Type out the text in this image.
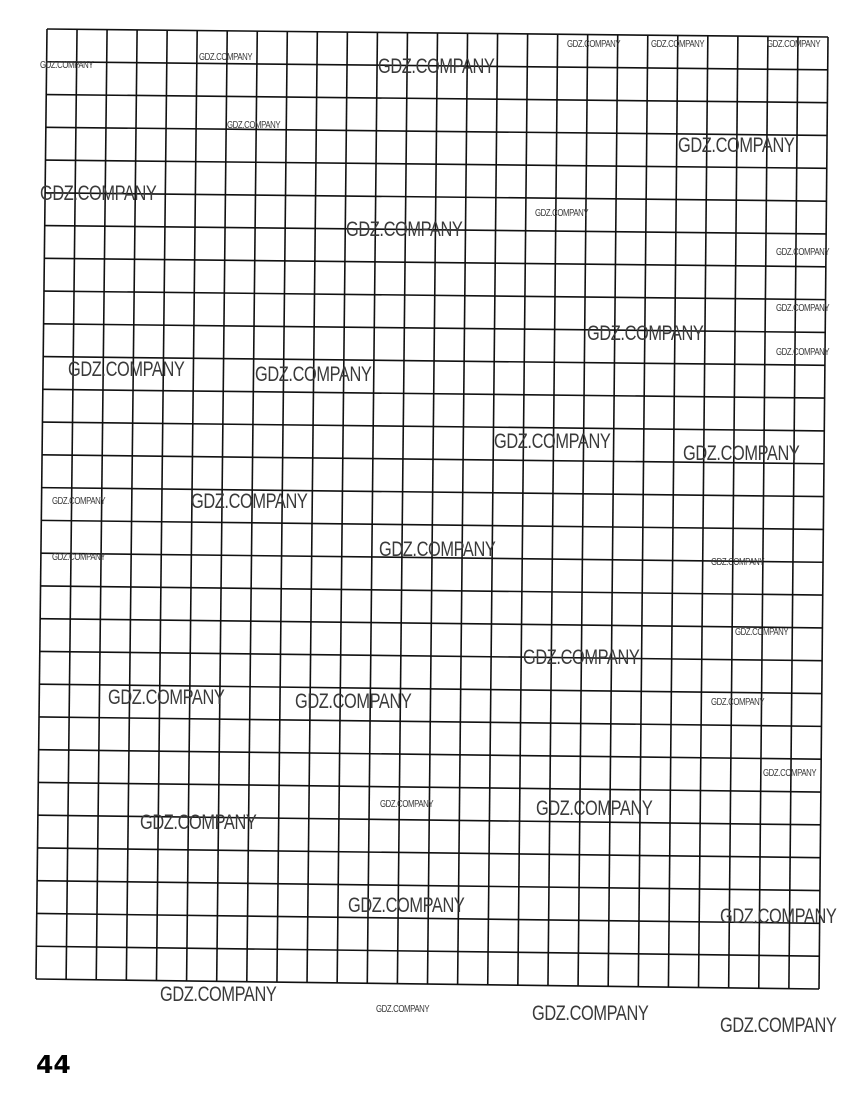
GDZ.COMPANY
GDZ.COMPANY	GDZ.COMPANY
GDZ.COMPANY	GDZ.COMPANY	GDZ.COMPANY
GDZ.COMPANY
GDZ.COMPANY
GDZ.COMPANY
GDZ.COMPANY
GDZ.COMPANY
GDZ.COMPANY
GDZ.COMPANY
GDZ.COMPANY
GDZ.COMPANY
GDZ.COMPANY	GDZ.COMPANY
GDZ.COMPANY
GDZ.COMPANY
GDZ.COMPANY	GDZ.COMPANY
GDZ.COMPANY	GDZ.COMPANY
GDZ.COMPANY
GDZ.COMPANY
GDZ.COMPANY
GDZ.COMPANY	GDZ.COMPANY	GDZ.COMPANY
GDZ.COMPANY
GDZ.COMPANY	GDZ.COMPANY
GDZ.COMPANY
GDZ.COMPANY	GDZ.COMPANY
GDZ.COMPANY
GDZ.COMPANY	GDZ.COMPANY
GDZ.COMPANY
44
